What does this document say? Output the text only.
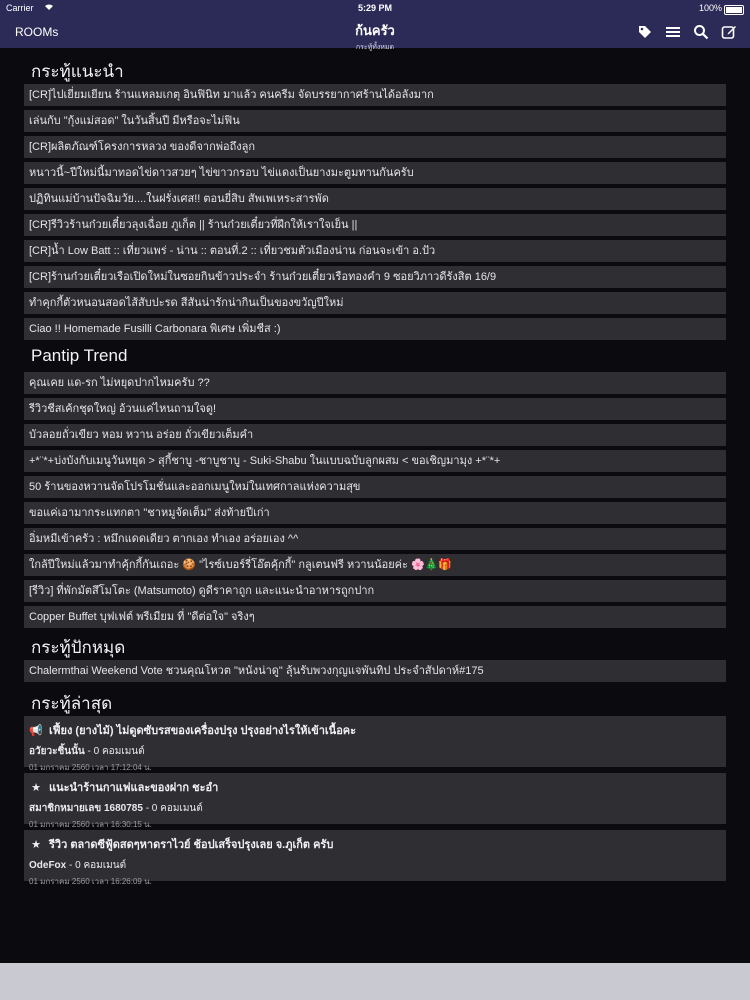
Carrier	5:29 PM	100%
ROOMs	ก้นครัว
กระทู้ทั้งหมด
กระทู้แนะนำ
[CR]ไปเยี่ยมเยียน ร้านแหลมเกตุ อินฟินิท มาแล้ว คนครีม จัดบรรยากาศร้านได้อลังมาก
เล่นกับ "กุ้งแม่สอด" ในวันสิ้นปี มีหรือจะไม่ฟิน
[CR]ผลิตภัณฑ์โครงการหลวง ของดีจากพ่อถึงลูก
หนาวนี้~ปีใหม่นี้มาทอดไข่ดาวสวยๆ ไข่ขาวกรอบ ไข่แดงเป็นยางมะตูมทานกันครับ
ปฏิทินแม่บ้านปัจฉิมวัย....ในฝรั่งเศส!! ตอนยี่สิบ สัพเพเหระสารพัด
[CR]รีวิวร้านก๋วยเตี๋ยวลุงเฉื่อย ภูเก็ต || ร้านก๋วยเตี๋ยวที่ฝึกให้เราใจเย็น ||
[CR]น้ำ Low Batt :: เที่ยวแพร่ - น่าน :: ตอนที่.2 :: เที่ยวชมตัวเมืองน่าน ก่อนจะเข้า อ.ปัว
[CR]ร้านก๋วยเตี๋ยวเรือเปิดใหม่ในซอยกินข้าวประจำ ร้านก๋วยเตี๋ยวเรือทองคำ 9 ซอยวิภาวดีรังสิต 16/9
ทำคุกกี้ตัวหนอนสอดไส้สับปะรด สีสันน่ารักน่ากินเป็นของขวัญปีใหม่
Ciao !! Homemade Fusilli Carbonara พิเศษ เพิ่มชีส :)
Pantip Trend
คุณเคย แด-รก ไม่หยุดปากไหมครับ ??
รีวิวชีสเค้กชุดใหญ่ อ้วนแค่ไหนถามใจดู!
บัวลอยถั่วเขียว หอม หวาน อร่อย ถั่วเขียวเต็มคำ
+*¨*+บ่งบังกับเมนูวันหยุด > สุกี้ชาบู -ชาบูชาบู - Suki-Shabu ในแบบฉบับลูกผสม < ขอเชิญมามุง +*¨*+
50 ร้านของหวานจัดโปรโมชั่นและออกเมนูใหม่ในเทศกาลแห่งความสุข
ขอแค่เอามากระแทกตา "ชาหมูจัดเต็ม" ส่งท้ายปีเก่า
อิ่มหมีเข้าครัว : หมึกแดดเดียว ตากเอง ทำเอง อร่อยเอง ^^
ใกล้ปีใหม่แล้วมาทำคุ้กกี้กันเถอะ 🍪 "ไรซ์เบอร์รี่โอ๊ตคุ้กกี้" กลูเตนฟรี หวานน้อยค่ะ 🌸🎄🎁
[รีวิว] ที่พักมัตสึโมโตะ (Matsumoto) ดูดีราคาถูก และแนะนำอาหารถูกปาก
Copper Buffet บุฟเฟต์ พรีเมียม ที่ "ดีต่อใจ" จริงๆ
กระทู้ปักหมุด
Chalermthai Weekend Vote ชวนคุณโหวต "หนังน่าดู" ลุ้นรับพวงกุญแจพันทิป ประจำสัปดาห์#175
กระทู้ล่าสุด
📢 เฟี้ยง (ยางไม้) ไม่ดูดซับรสของเครื่องปรุง ปรุงอย่างไรให้เข้าเนื้อคะ
อวัยวะชิ้นนั้น - 0 คอมเมนต์
01 มกราคม 2560 เวลา 17:12:04 น.
★ แนะนำร้านกาแฟและของฝาก ชะอำ
สมาชิกหมายเลข 1680785 - 0 คอมเมนต์
01 มกราคม 2560 เวลา 16:30:15 น.
★ รีวิว ตลาดซีฟู้ดสดๆหาดราไวย์ ช้อปเสร็จปรุงเลย จ.ภูเก็ต ครับ
OdeFox - 0 คอมเมนต์
01 มกราคม 2560 เวลา 16:26:09 น.
